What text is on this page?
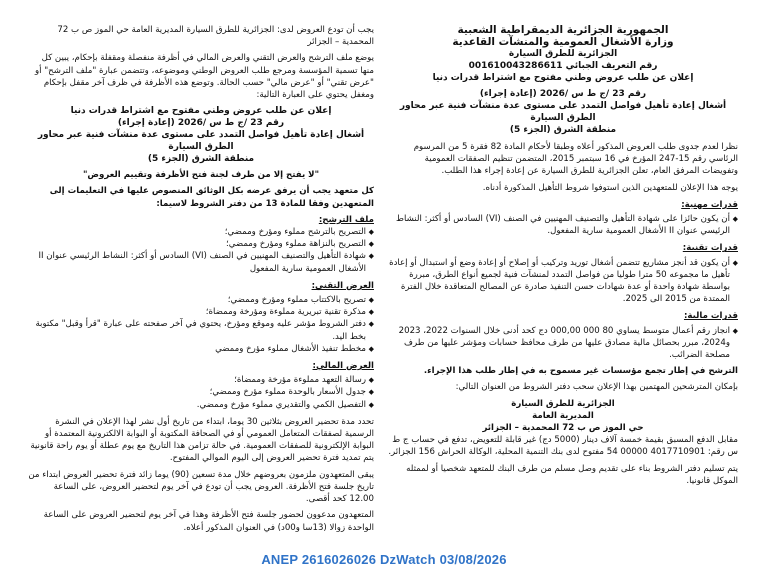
الجمهورية الجزائرية الديمقراطية الشعبية
وزارة الأشغال العمومية والمنشآت القاعدية
الجزائرية للطرق السيارة
رقم التعريف الجبائي 001610043286611
إعلان عن طلب عروض وطني مفتوح مع اشتراط قدرات دنيا
رقم 23 /ج ط س /2026 (إعادة إجراء)
أشغال إعادة تأهيل فواصل التمدد على مستوى عدة منشآت فنية عبر محاور الطرق السيارة
منطقة الشرق (الجزء 5)

نظرا لعدم جدوى طلب العروض المذكور أعلاه وطبقا لأحكام المادة 82 فقرة 5 من المرسوم الرئاسي رقم 15-247 المؤرخ في 16 سبتمبر 2015، المتضمن تنظيم الصفقات العمومية وتفويضات المرفق العام، تعلن الجزائرية للطرق السيارة عن إعادة إجراء هذا الطلب.

يوجه هذا الإعلان للمتعهدين الذين استوفوا شروط التأهيل المذكورة أدناه.

قدرات مهنية:

◆ أن يكون حائزا على شهادة التأهيل والتصنيف المهنيين في الصنف (VI) السادس أو أكثر: النشاط الرئيسي عنوان II الأشغال العمومية سارية المفعول.

قدرات تقنية:

◆ أن يكون قد أنجز مشاريع تتضمن أشغال توريد وتركيب أو إصلاح أو إعادة وضع أو استبدال أو إعادة تأهيل ما مجموعه 50 مترا طوليا من فواصل التمدد لمنشآت فنية لجميع أنواع الطرق، مبررة بواسطة شهادة واحدة أو عدة شهادات حسن التنفيذ صادرة عن المصالح المتعاقدة خلال الفترة الممتدة من 2015 الى 2025.

قدرات مالية:

◆ انجاز رقم أعمال متوسط يساوي 80 000 000,00 دج كحد أدنى خلال السنوات 2022، 2023 و2024، مبرر بحصائل مالية مصادق عليها من طرف محافظ حسابات ومؤشر عليها من طرف مصلحة الضرائب.

الترشح في إطار تجمع مؤسسات غير مسموح به في إطار طلب هذا الإجراء.

بإمكان المترشحين المهتمين بهذا الإعلان سحب دفتر الشروط من العنوان التالي:

الجزائرية للطرق السيارة
المديرية العامة
حي الموز ص ب 72 المحمدية – الجزائر

مقابل الدفع المسبق بقيمة خمسة آلاف دينار (5000 دج) غير قابلة للتعويض، تدفع في حساب ج ط س رقم: 4017710901 00000 54 مفتوح لدى بنك التنمية المحلية، الوكالة الحراش 156 الجزائر.

يتم تسليم دفتر الشروط بناء على تقديم وصل مسلم من طرف البنك للمتعهد شخصيا أو لممثله الموكل قانونيا.

يجب أن تودع العروض لدى: الجزائرية للطرق السيارة المديرية العامة حي الموز ص ب 72 المحمدية – الجزائر

يوضع ملف الترشح والعرض التقني والعرض المالي في أظرفة منفصلة ومقفلة بإحكام، يبين كل منها تسمية المؤسسة ومرجع طلب العروض الوطني وموضوعه، وتتضمن عبارة "ملف الترشح" أو "عرض تقني" أو "عرض مالي" حسب الحالة. وتوضع هذه الأظرفة في ظرف آخر مقفل بإحكام ومغفل يحتوي على العبارة التالية:

إعلان عن طلب عروض وطني مفتوح مع اشتراط قدرات دنيا
رقم 23 /ج ط س /2026 (إعادة إجراء)
أشغال إعادة تأهيل فواصل التمدد على مستوى عدة منشآت فنية عبر محاور الطرق السيارة
منطقة الشرق (الجزء 5)

"لا يفتح إلا من طرف لجنة فتح الأظرفة وتقييم العروض"

كل متعهد يجب أن يرفق عرضه بكل الوثائق المنصوص عليها في التعليمات إلى المتعهدين وفقا للمادة 13 من دفتر الشروط لاسيما:

ملف الترشح:
◆ التصريح بالترشح مملوء ومؤرخ وممضي؛
◆ التصريح بالنزاهة مملوء ومؤرخ وممضي؛
◆ شهادة التأهيل والتصنيف المهنيين في الصنف (VI) السادس أو أكثر: النشاط الرئيسي عنوان II الأشغال العمومية سارية المفعول
العرض التقني:
◆ تصريح بالاكتتاب مملوء ومؤرخ وممضي؛
◆ مذكرة تقنية تبريرية مملوءة ومؤرخة وممضاة؛
◆ دفتر الشروط مؤشر عليه وموقع ومؤرخ، يحتوي في آخر صفحته على عبارة "قرأ وقبل" مكتوبة بخط اليد.
◆ مخطط تنفيذ الأشغال مملوء مؤرخ وممضي
العرض المالي:
◆ رسالة التعهد مملوءة مؤرخة وممضاة؛
◆ جدول الأسعار بالوحدة مملوء مؤرخ وممضي؛
◆ التفصيل الكمي والتقديري مملوء مؤرخ وممضي.

تحدد مدة تحضير العروض بثلاثين 30 يوما، ابتداء من تاريخ أول نشر لهذا الإعلان في النشرة الرسمية لصفقات المتعامل العمومي أو في الصحافة المكتوبة أو البوابة الالكترونية المعتمدة أو البوابة الإلكترونية للصفقات العمومية. في حالة تزامن هذا التاريخ مع يوم عطلة أو يوم راحة قانونية يتم تمديد فترة تحضير العروض إلى اليوم الموالي المفتوح.

يبقى المتعهدون ملزمون بعروضهم خلال مدة تسعين (90) يوما زائد فترة تحضير العروض ابتداء من تاريخ جلسة فتح الأظرفة. العروض يجب أن تودع في آخر يوم لتحضير العروض، على الساعة 12.00 كحد أقصى.

المتعهدون مدعوون لحضور جلسة فتح الأظرفة وهذا في آخر يوم لتحضير العروض على الساعة الواحدة زوالا (13سا و00د) في العنوان المذكور أعلاه.

ANEP 2616026026 DzWatch 03/08/2026
